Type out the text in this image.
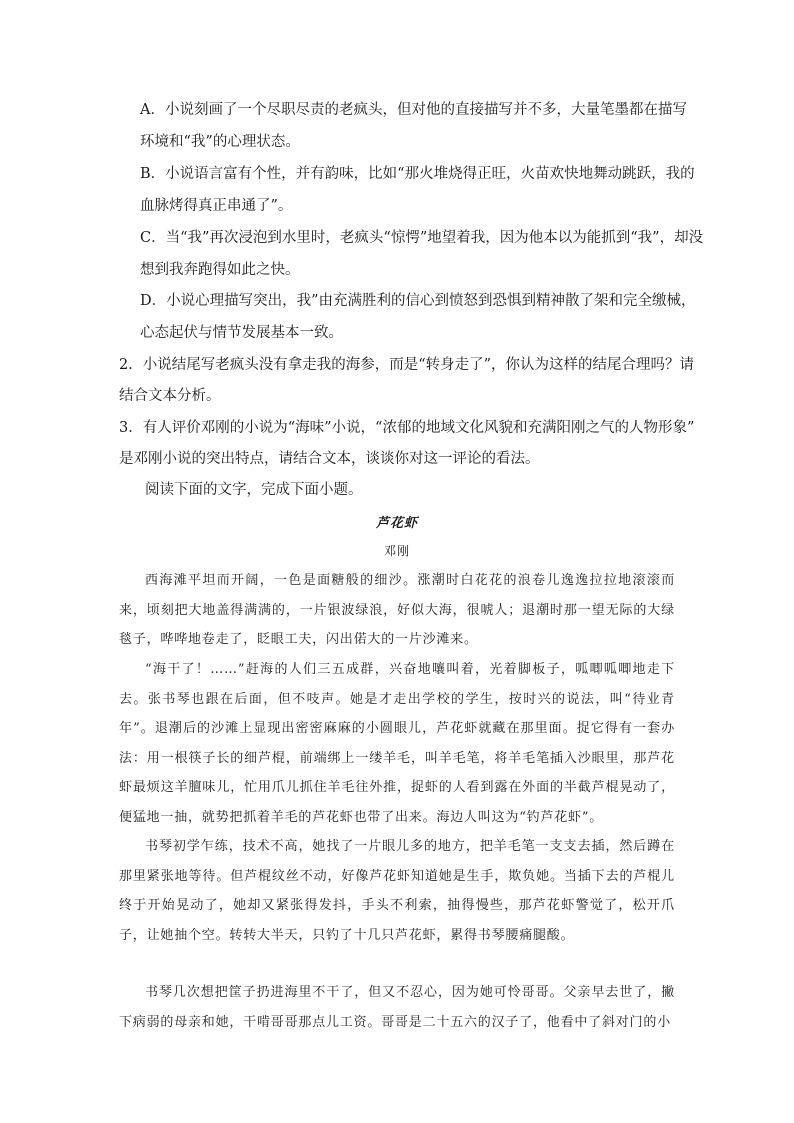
A．小说刻画了一个尽职尽责的老疯头，但对他的直接描写并不多，大量笔墨都在描写
环境和“我”的心理状态。
B．小说语言富有个性，并有韵味，比如“那火堆烧得正旺，火苗欢快地舞动跳跃，我的
血脉烤得真正串通了”。
C．当“我”再次浸泡到水里时，老疯头“惊愕”地望着我，因为他本以为能抓到“我”，却没
想到我奔跑得如此之快。
D．小说心理描写突出，我”由充满胜利的信心到愤怒到恐惧到精神散了架和完全缴械，
心态起伏与情节发展基本一致。
2．小说结尾写老疯头没有拿走我的海参，而是“转身走了”，你认为这样的结尾合理吗？请
结合文本分析。
3．有人评价邓刚的小说为“海味”小说，“浓郁的地域文化风貌和充满阳刚之气的人物形象”
是邓刚小说的突出特点，请结合文本，谈谈你对这一评论的看法。
阅读下面的文字，完成下面小题。
芦花虾
邓刚

西海滩平坦而开阔，一色是面糖般的细沙。涨潮时白花花的浪卷儿逸逸拉拉地滚滚而来，顷刻把大地盖得满满的，一片银波绿浪，好似大海，很唬人；退潮时那一望无际的大绿毯子，哗哗地卷走了，眨眼工夫，闪出偌大的一片沙滩来。

“海干了！……”赶海的人们三五成群，兴奋地嚷叫着，光着脚板子，呱唧呱唧地走下去。张书琴也跟在后面，但不吱声。她是才走出学校的学生，按时兴的说法，叫“待业青年”。退潮后的沙滩上显现出密密麻麻的小圆眼儿，芦花虾就藏在那里面。捉它得有一套办法：用一根筷子长的细芦棍，前端绑上一缕羊毛，叫羊毛笔，将羊毛笔插入沙眼里，那芦花虾最烦这羊膻味儿，忙用爪儿抓住羊毛往外推，捉虾的人看到露在外面的半截芦棍晃动了，便猛地一抽，就势把抓着羊毛的芦花虾也带了出来。海边人叫这为“钓芦花虾”。

书琴初学乍练，技术不高，她找了一片眼儿多的地方，把羊毛笔一支支去插，然后蹲在那里紧张地等待。但芦棍纹丝不动，好像芦花虾知道她是生手，欺负她。当插下去的芦棍儿终于开始晃动了，她却又紧张得发抖，手头不利索，抽得慢些，那芦花虾警觉了，松开爪子，让她抽个空。转转大半天，只钓了十几只芦花虾，累得书琴腰痛腿酸。

书琴几次想把筐子扔进海里不干了，但又不忍心，因为她可怜哥哥。父亲早去世了，撇下病弱的母亲和她，干啃哥哥那点儿工资。哥哥是二十五六的汉子了，他看中了斜对门的小
